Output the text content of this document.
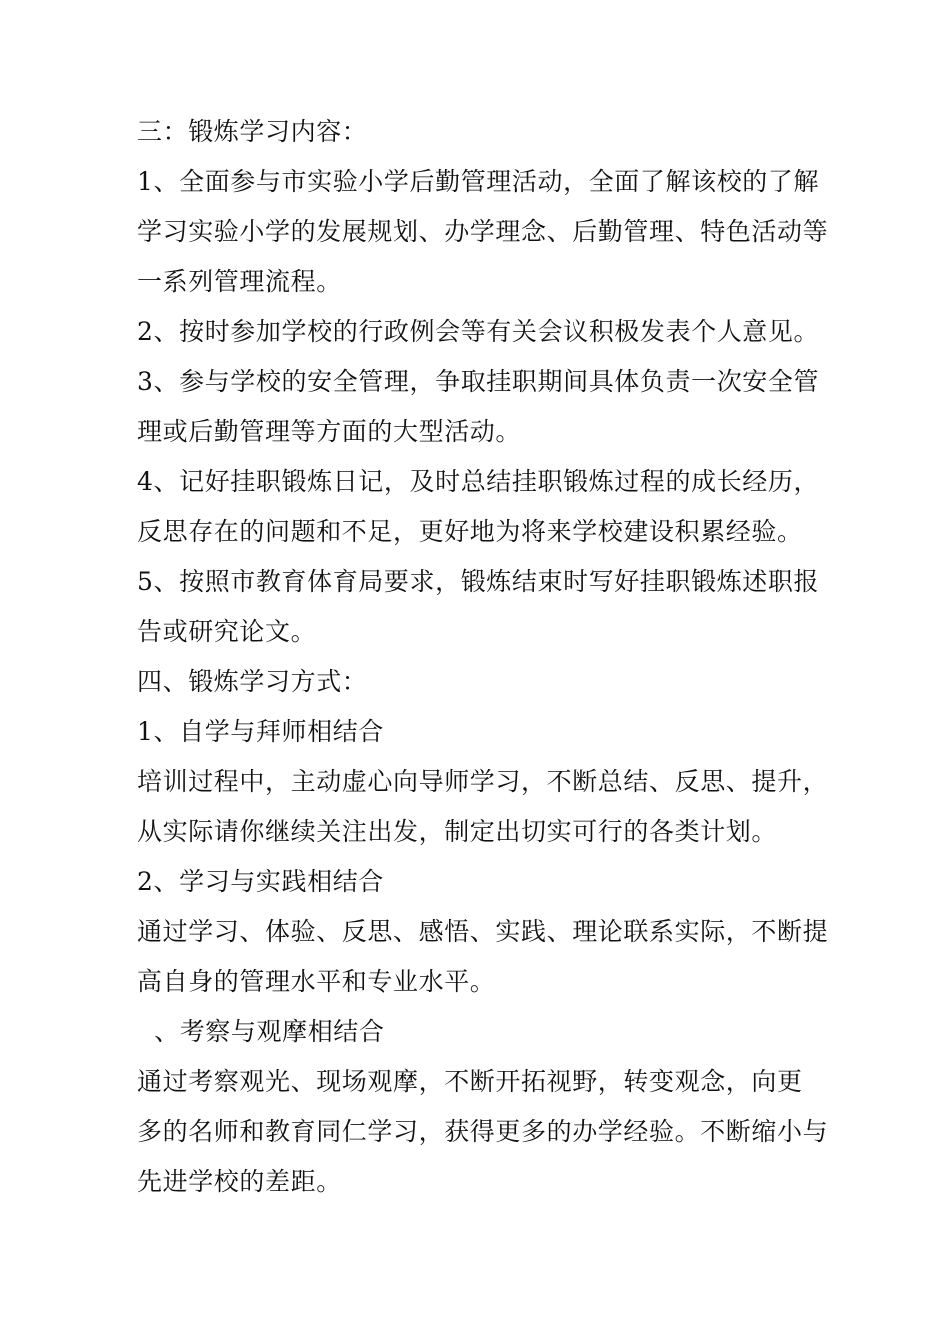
三：锻炼学习内容：

1、全面参与市实验小学后勤管理活动，全面了解该校的了解

学习实验小学的发展规划、办学理念、后勤管理、特色活动等

一系列管理流程。

2、按时参加学校的行政例会等有关会议积极发表个人意见。

3、参与学校的安全管理，争取挂职期间具体负责一次安全管

理或后勤管理等方面的大型活动。

4、记好挂职锻炼日记，及时总结挂职锻炼过程的成长经历，

反思存在的问题和不足，更好地为将来学校建设积累经验。

5、按照市教育体育局要求，锻炼结束时写好挂职锻炼述职报

告或研究论文。

四、锻炼学习方式：

1、自学与拜师相结合

培训过程中，主动虚心向导师学习，不断总结、反思、提升，

从实际请你继续关注出发，制定出切实可行的各类计划。

2、学习与实践相结合

通过学习、体验、反思、感悟、实践、理论联系实际，不断提

高自身的管理水平和专业水平。

、考察与观摩相结合

通过考察观光、现场观摩，不断开拓视野，转变观念，向更

多的名师和教育同仁学习，获得更多的办学经验。不断缩小与

先进学校的差距。
